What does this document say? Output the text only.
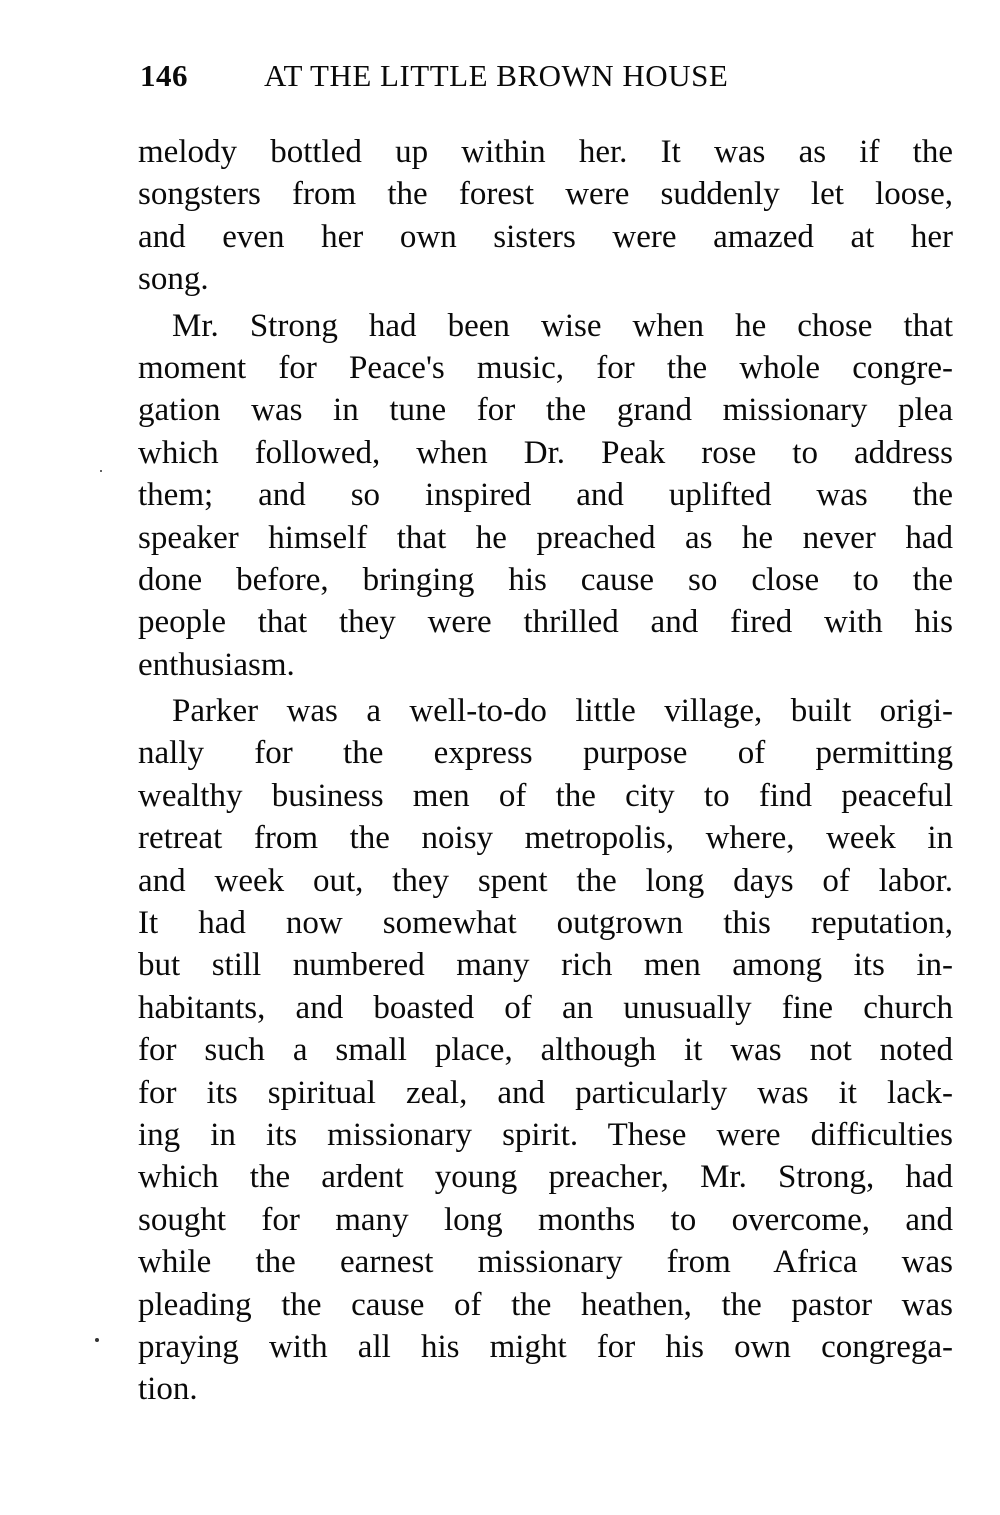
146 AT THE LITTLE BROWN HOUSE
melody bottled up within her. It was as if the
songsters from the forest were suddenly let loose,
and even her own sisters were amazed at her
song.
Mr. Strong had been wise when he chose that
moment for Peace's music, for the whole congre-
gation was in tune for the grand missionary plea
which followed, when Dr. Peak rose to address
them; and so inspired and uplifted was the
speaker himself that he preached as he never had
done before, bringing his cause so close to the
people that they were thrilled and fired with his
enthusiasm.
Parker was a well-to-do little village, built origi-
nally for the express purpose of permitting
wealthy business men of the city to find peaceful
retreat from the noisy metropolis, where, week in
and week out, they spent the long days of labor.
It had now somewhat outgrown this reputation,
but still numbered many rich men among its in-
habitants, and boasted of an unusually fine church
for such a small place, although it was not noted
for its spiritual zeal, and particularly was it lack-
ing in its missionary spirit. These were difficulties
which the ardent young preacher, Mr. Strong, had
sought for many long months to overcome, and
while the earnest missionary from Africa was
pleading the cause of the heathen, the pastor was
praying with all his might for his own congrega-
tion.
